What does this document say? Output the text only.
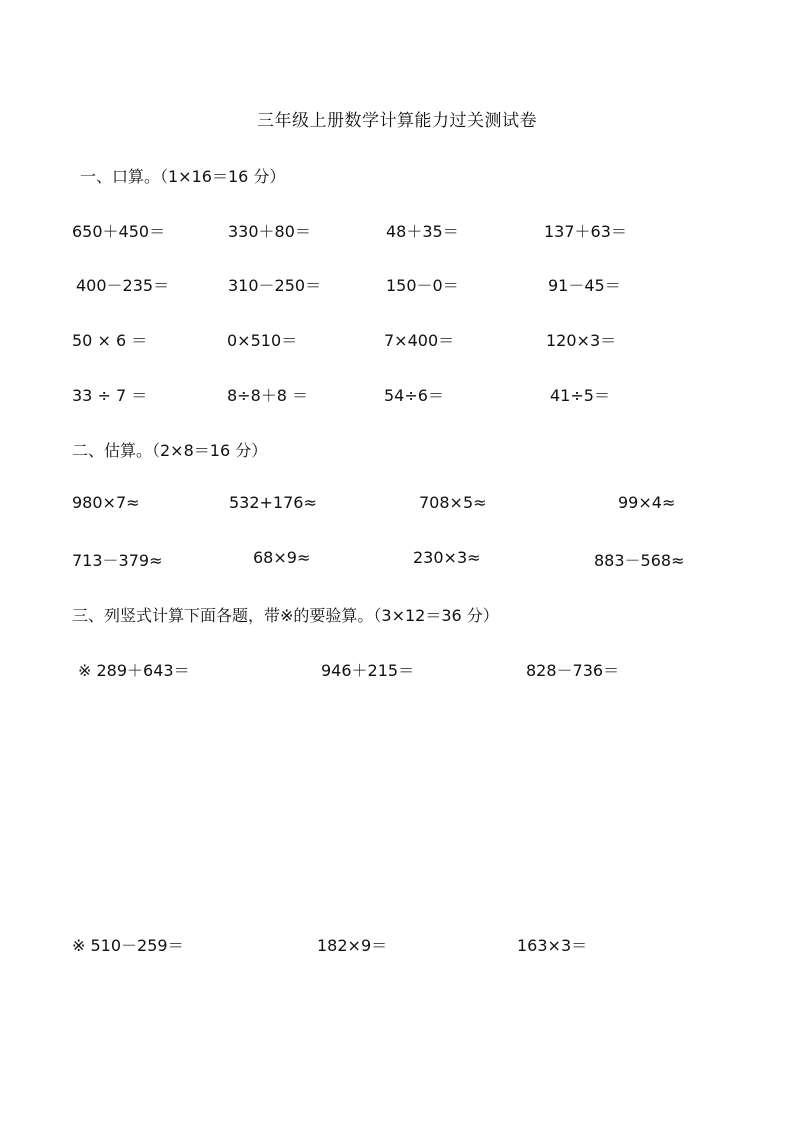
三年级上册数学计算能力过关测试卷
一、口算。（1×16＝16 分）
650＋450＝	330＋80＝	48＋35＝	137＋63＝
400－235＝	310－250＝	150－0＝	91－45＝
50 × 6 ＝	0×510＝	7×400＝	120×3＝
33 ÷ 7 ＝	8÷8＋8 ＝	54÷6＝	41÷5＝
二、估算。（2×8＝16 分）
980×7≈	532+176≈	708×5≈	99×4≈
713－379≈	68×9≈	230×3≈	883－568≈
三、列竖式计算下面各题，带※的要验算。（3×12＝36 分）
※ 289＋643＝	946＋215＝	828－736＝
※ 510－259＝	182×9＝	163×3＝
